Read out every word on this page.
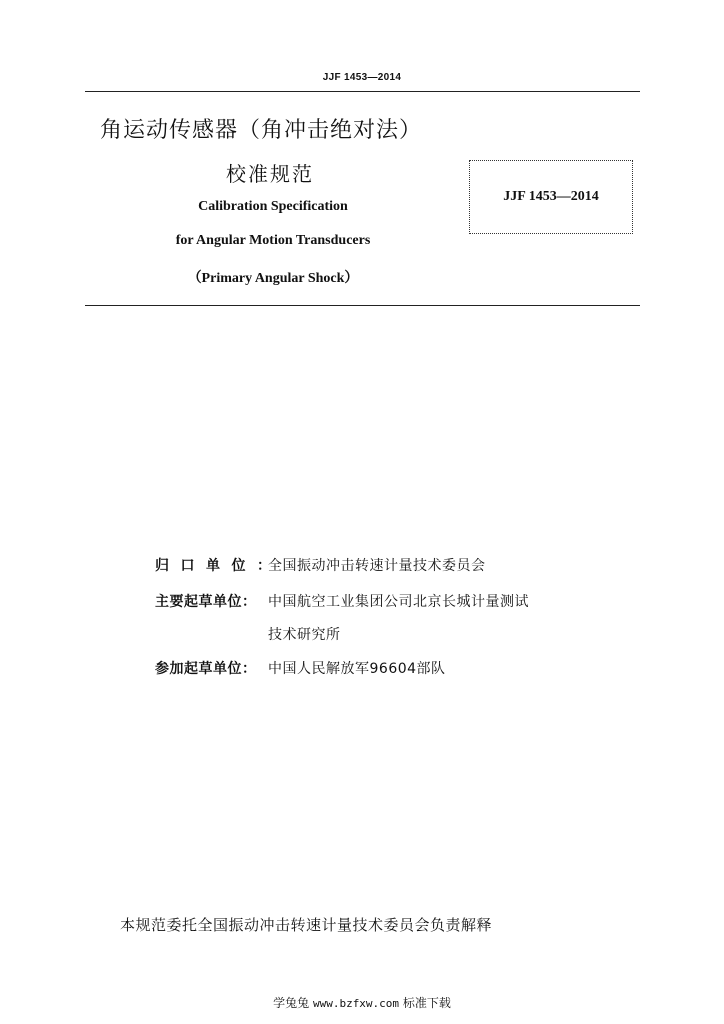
JJF 1453—2014
角运动传感器（角冲击绝对法）
校准规范
Calibration Specification
for Angular Motion Transducers
（Primary Angular Shock）
JJF 1453—2014
归口单位：全国振动冲击转速计量技术委员会
主要起草单位： 中国航空工业集团公司北京长城计量测试
技术研究所
参加起草单位： 中国人民解放军96604部队
本规范委托全国振动冲击转速计量技术委员会负责解释
学兔兔 www.bzfxw.com 标准下载
